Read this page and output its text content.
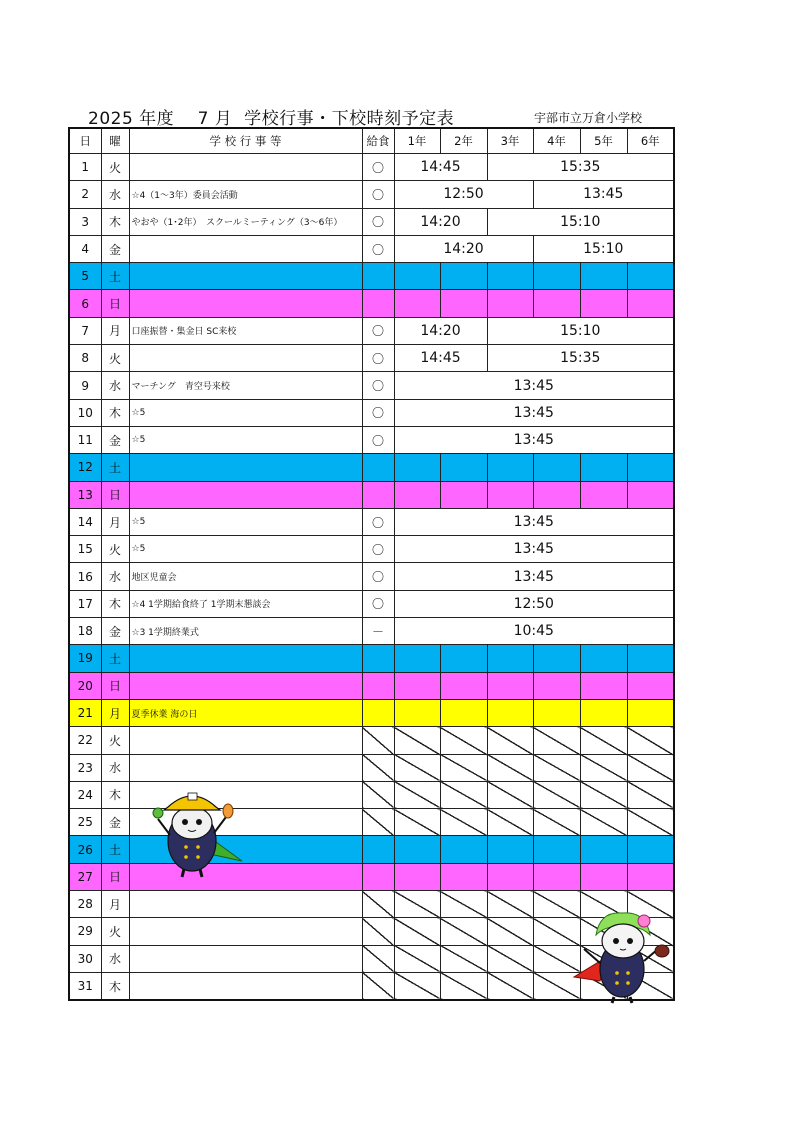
2025 年度　 7 月  学校行事・下校時刻予定表	宇部市立万倉小学校
日	曜	学 校 行 事 等	給食	1年	2年	3年	4年	5年	6年
1	火		〇	14:45		15:35			
2	水	☆4（1～3年）委員会活動	〇	12:50			13:45		
3	木	やおや（1･2年）　スクールミーティング（3～6年）	〇	14:20		15:10			
4	金		〇	14:20			15:10		
5	土								
6	日								
7	月	口座振替・集金日 SC来校	〇	14:20		15:10			
8	火		〇	14:45		15:35			
9	水	マーチング　青空号来校	〇	13:45					
10	木	☆5	〇	13:45					
11	金	☆5	〇	13:45					
12	土								
13	日								
14	月	☆5	〇	13:45					
15	火	☆5	〇	13:45					
16	水	地区児童会	〇	13:45					
17	木	☆4 1学期給食終了 1学期末懇談会	〇	12:50					
18	金	☆3 1学期終業式	－	10:45					
19	土								
20	日								
21	月	夏季休業 海の日							
22	火								
23	水								
24	木								
25	金								
26	土								
27	日								
28	月								
29	火								
30	水								
31	木								
